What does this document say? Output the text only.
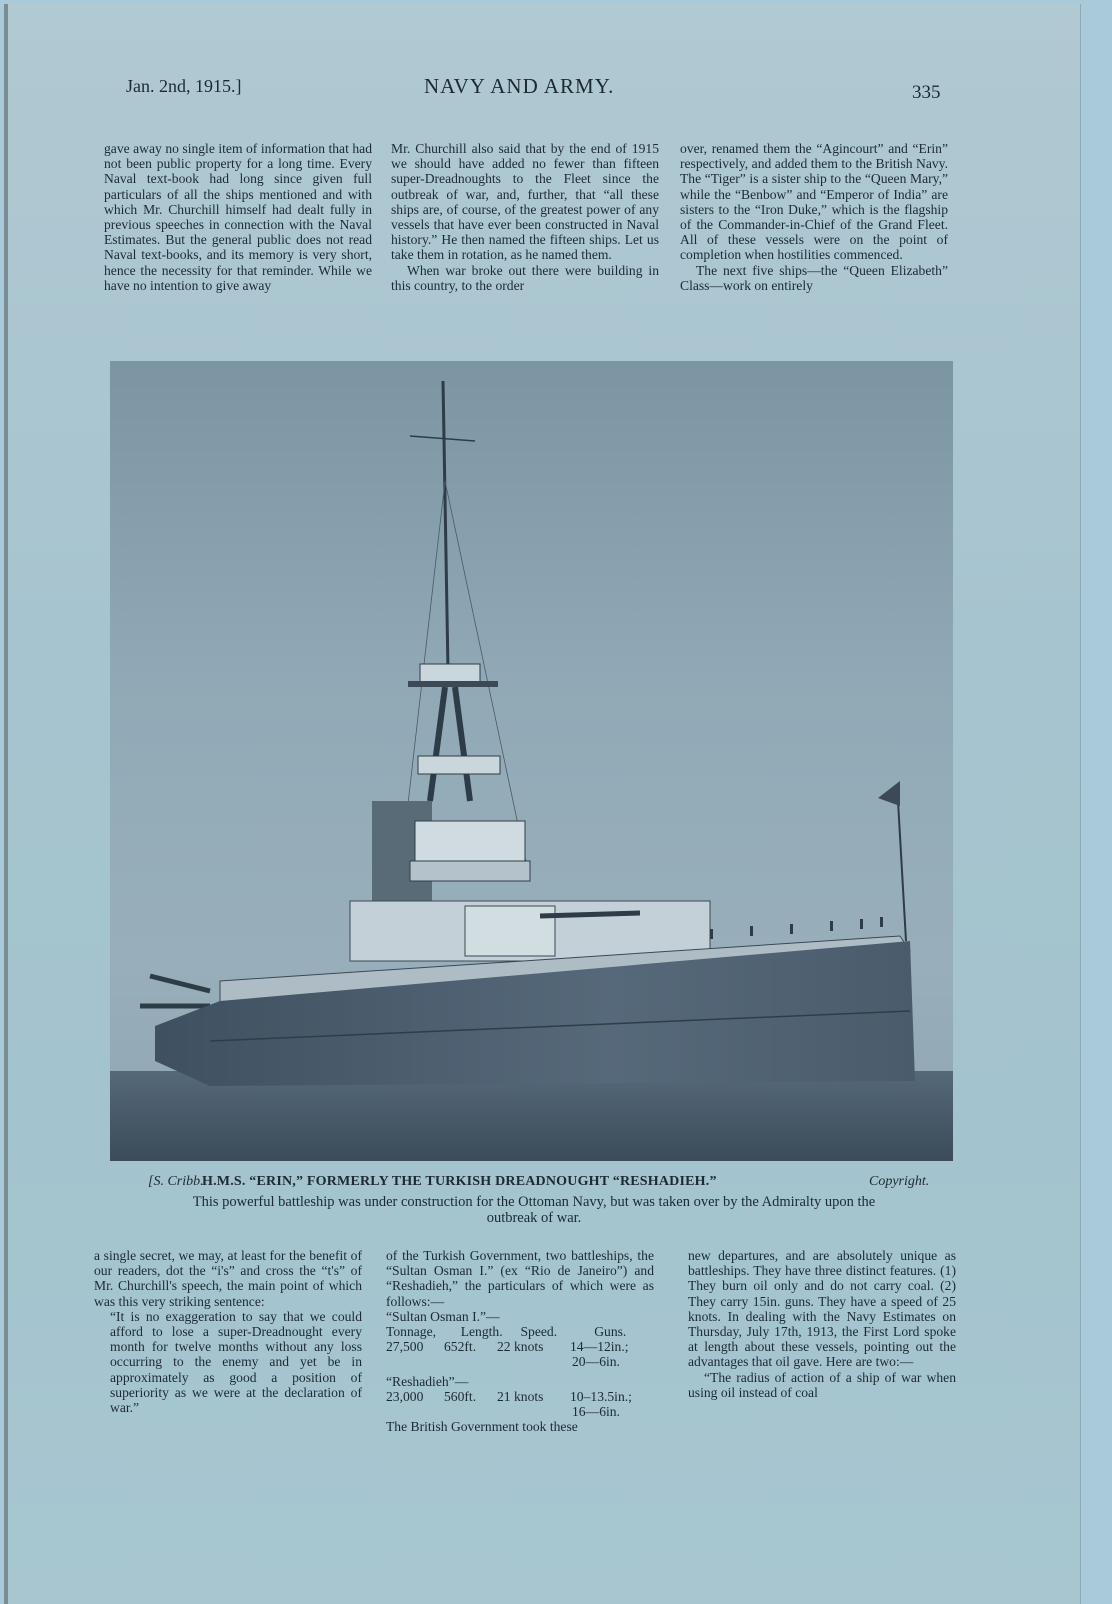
Jan. 2nd, 1915.]	NAVY AND ARMY.	335

gave away no single item of information that had not been public property for a long time. Every Naval text-book had long since given full particulars of all the ships mentioned and with which Mr. Churchill himself had dealt fully in previous speeches in connection with the Naval Estimates. But the general public does not read Naval text-books, and its memory is very short, hence the necessity for that reminder. While we have no intention to give away

Mr. Churchill also said that by the end of 1915 we should have added no fewer than fifteen super-Dreadnoughts to the Fleet since the outbreak of war, and, further, that “all these ships are, of course, of the greatest power of any vessels that have ever been constructed in Naval history.” He then named the fifteen ships. Let us take them in rotation, as he named them.

When war broke out there were building in this country, to the order

over, renamed them the “Agincourt” and “Erin” respectively, and added them to the British Navy. The “Tiger” is a sister ship to the “Queen Mary,” while the “Benbow” and “Emperor of India” are sisters to the “Iron Duke,” which is the flagship of the Commander-in-Chief of the Grand Fleet. All of these vessels were on the point of completion when hostilities commenced.

The next five ships—the “Queen Elizabeth” Class—work on entirely

[S. Cribb.
H.M.S. “ERIN,” FORMERLY THE TURKISH DREADNOUGHT “RESHADIEH.”	Copyright.
This powerful battleship was under construction for the Ottoman Navy, but was taken over by the Admiralty upon the outbreak of war.

a single secret, we may, at least for the benefit of our readers, dot the “i's” and cross the “t's” of Mr. Churchill's speech, the main point of which was this very striking sentence:

“It is no exaggeration to say that we could afford to lose a super-Dreadnought every month for twelve months without any loss occurring to the enemy and yet be in approximately as good a position of superiority as we were at the declaration of war.”

of the Turkish Government, two battleships, the “Sultan Osman I.” (ex “Rio de Janeiro”) and “Reshadieh,” the particulars of which were as follows:—

“Sultan Osman I.”—

Tonnage,	Length.	Speed.	Guns.
27,500	652ft.	22 knots	14—12in.;
20—6in.

“Reshadieh”—

23,000	560ft.	21 knots	10–13.5in.;
16—6in.

The British Government took these

new departures, and are absolutely unique as battleships. They have three distinct features. (1) They burn oil only and do not carry coal. (2) They carry 15in. guns. They have a speed of 25 knots. In dealing with the Navy Estimates on Thursday, July 17th, 1913, the First Lord spoke at length about these vessels, pointing out the advantages that oil gave. Here are two:—

“The radius of action of a ship of war when using oil instead of coal
